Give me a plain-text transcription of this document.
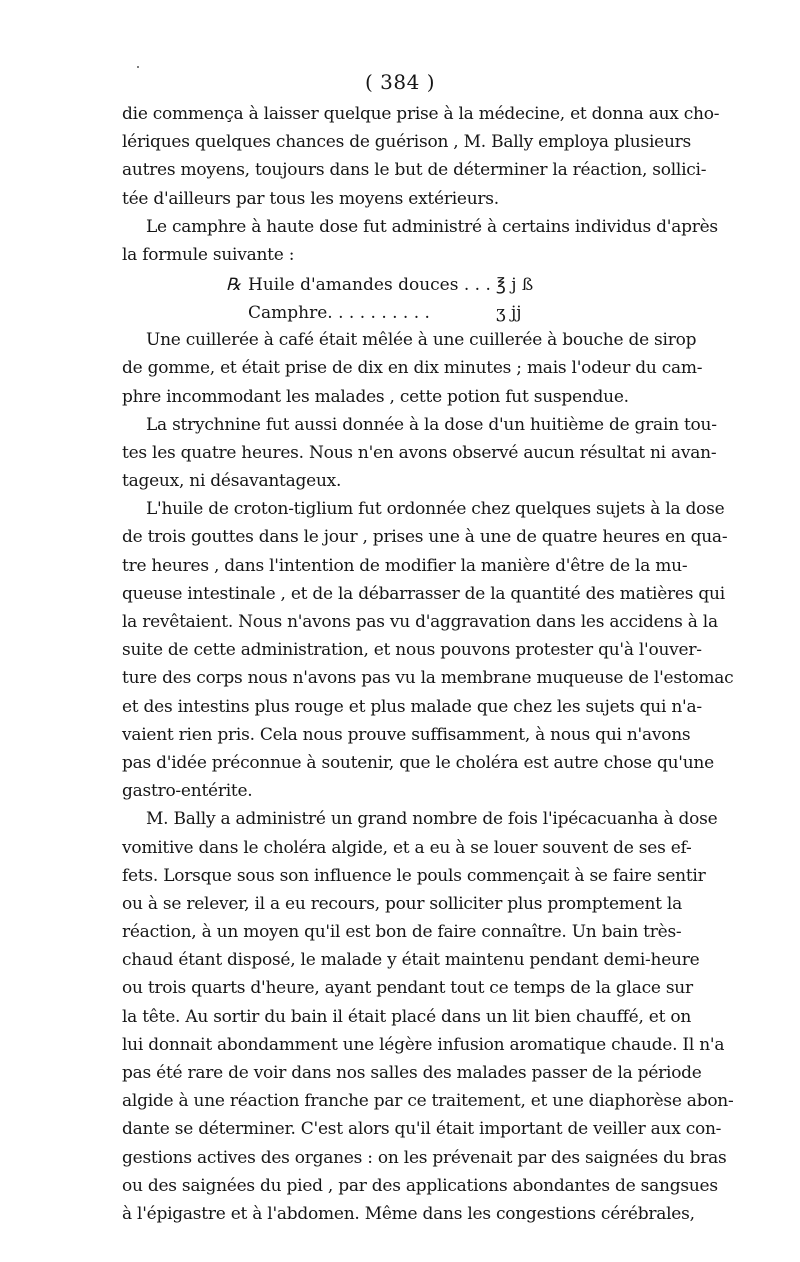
( 384 )
die commença à laisser quelque prise à la médecine, et donna aux cho-
lériques quelques chances de guérison , M. Bally employa plusieurs
autres moyens, toujours dans le but de déterminer la réaction, sollici-
tée d'ailleurs par tous les moyens extérieurs.
Le camphre à haute dose fut administré à certains individus d'après
la formule suivante :
℞ Huile d'amandes douces . . . ℥ j ß
Camphre. . . . . . . . . .	ʒ jj
Une cuillerée à café était mêlée à une cuillerée à bouche de sirop
de gomme, et était prise de dix en dix minutes ; mais l'odeur du cam-
phre incommodant les malades , cette potion fut suspendue.
La strychnine fut aussi donnée à la dose d'un huitième de grain tou-
tes les quatre heures. Nous n'en avons observé aucun résultat ni avan-
tageux, ni désavantageux.
L'huile de croton-tiglium fut ordonnée chez quelques sujets à la dose
de trois gouttes dans le jour , prises une à une de quatre heures en qua-
tre heures , dans l'intention de modifier la manière d'être de la mu-
queuse intestinale , et de la débarrasser de la quantité des matières qui
la revêtaient. Nous n'avons pas vu d'aggravation dans les accidens à la
suite de cette administration, et nous pouvons protester qu'à l'ouver-
ture des corps nous n'avons pas vu la membrane muqueuse de l'estomac
et des intestins plus rouge et plus malade que chez les sujets qui n'a-
vaient rien pris. Cela nous prouve suffisamment, à nous qui n'avons
pas d'idée préconnue à soutenir, que le choléra est autre chose qu'une
gastro-entérite.
M. Bally a administré un grand nombre de fois l'ipécacuanha à dose
vomitive dans le choléra algide, et a eu à se louer souvent de ses ef-
fets. Lorsque sous son influence le pouls commençait à se faire sentir
ou à se relever, il a eu recours, pour solliciter plus promptement la
réaction, à un moyen qu'il est bon de faire connaître. Un bain très-
chaud étant disposé, le malade y était maintenu pendant demi-heure
ou trois quarts d'heure, ayant pendant tout ce temps de la glace sur
la tête. Au sortir du bain il était placé dans un lit bien chauffé, et on
lui donnait abondamment une légère infusion aromatique chaude. Il n'a
pas été rare de voir dans nos salles des malades passer de la période
algide à une réaction franche par ce traitement, et une diaphorèse abon-
dante se déterminer. C'est alors qu'il était important de veiller aux con-
gestions actives des organes : on les prévenait par des saignées du bras
ou des saignées du pied , par des applications abondantes de sangsues
à l'épigastre et à l'abdomen. Même dans les congestions cérébrales,
